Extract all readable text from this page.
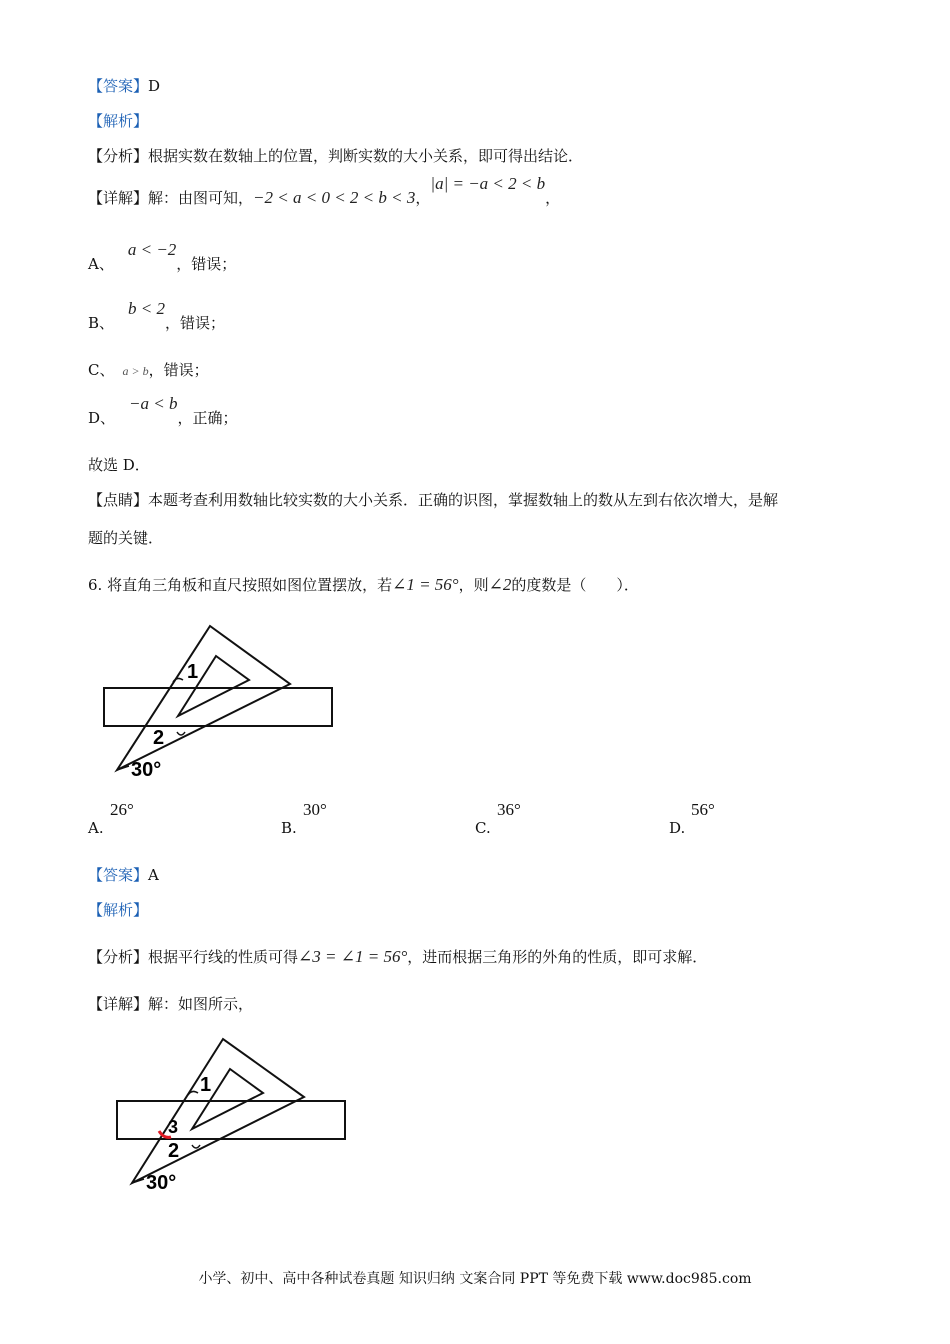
【答案】D
【解析】
【分析】根据实数在数轴上的位置，判断实数的大小关系，即可得出结论．
【详解】解：由图可知，−2 < a < 0 < 2 < b < 3，|a| = −a < 2 < b，
A、a < −2，错误；
B、b < 2，错误；
C、 a > b，错误；
D、−a < b，正确；
故选 D．
【点睛】本题考查利用数轴比较实数的大小关系．正确的识图，掌握数轴上的数从左到右依次增大，是解
题的关键．
6. 将直角三角板和直尺按照如图位置摆放，若∠1 = 56°，则∠2的度数是（　　）．
1
2
30°
A.
26°
B.
30°
C.
36°
D.
56°
【答案】A
【解析】
【分析】根据平行线的性质可得∠3 = ∠1 = 56°，进而根据三角形的外角的性质，即可求解．
【详解】解：如图所示，
1
3
2
30°
小学、初中、高中各种试卷真题 知识归纳 文案合同 PPT 等免费下载 www.doc985.com
